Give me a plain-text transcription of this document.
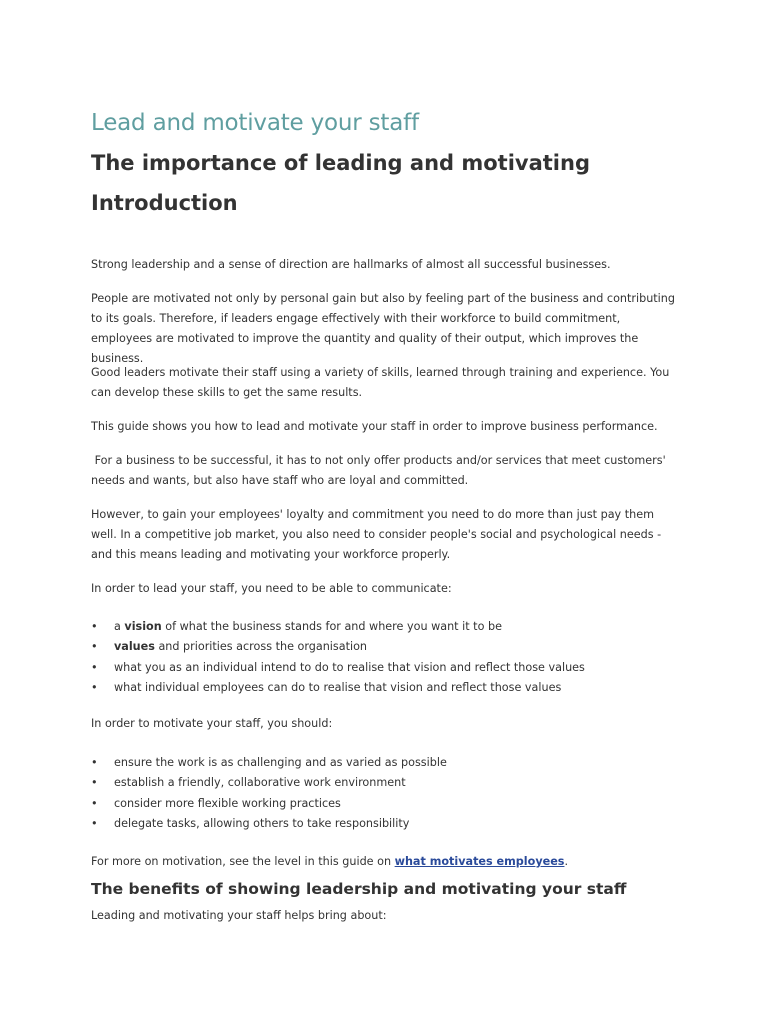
Lead and motivate your staff
The importance of leading and motivating
Introduction

Strong leadership and a sense of direction are hallmarks of almost all successful businesses.

People are motivated not only by personal gain but also by feeling part of the business and contributing to its goals. Therefore, if leaders engage effectively with their workforce to build commitment, employees are motivated to improve the quantity and quality of their output, which improves the business.

Good leaders motivate their staff using a variety of skills, learned through training and experience. You can develop these skills to get the same results.

This guide shows you how to lead and motivate your staff in order to improve business performance.

For a business to be successful, it has to not only offer products and/or services that meet customers' needs and wants, but also have staff who are loyal and committed.

However, to gain your employees' loyalty and commitment you need to do more than just pay them well. In a competitive job market, you also need to consider people's social and psychological needs - and this means leading and motivating your workforce properly.

In order to lead your staff, you need to be able to communicate:

• a vision of what the business stands for and where you want it to be
• values and priorities across the organisation
• what you as an individual intend to do to realise that vision and reflect those values
• what individual employees can do to realise that vision and reflect those values

In order to motivate your staff, you should:

• ensure the work is as challenging and as varied as possible
• establish a friendly, collaborative work environment
• consider more flexible working practices
• delegate tasks, allowing others to take responsibility

For more on motivation, see the level in this guide on what motivates employees.

The benefits of showing leadership and motivating your staff

Leading and motivating your staff helps bring about:
